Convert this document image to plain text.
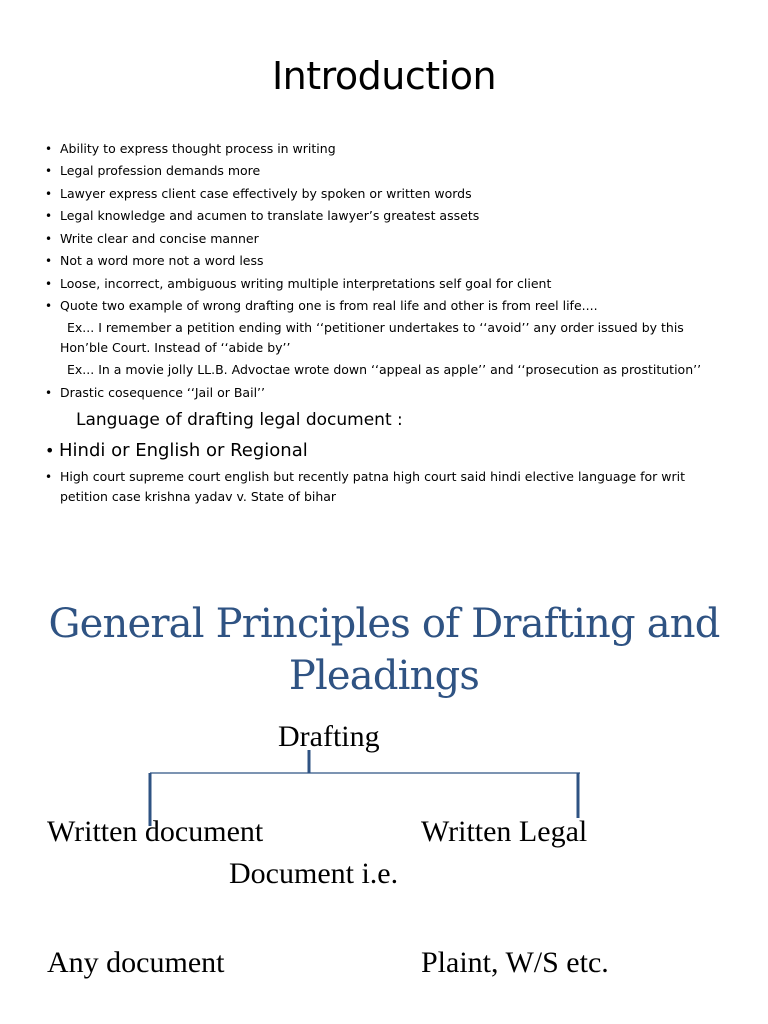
Introduction
• Ability to express thought process in writing
• Legal profession demands more
• Lawyer express client case effectively by spoken or written words
• Legal knowledge and acumen to translate lawyer’s greatest assets
• Write clear and concise manner
• Not a word more not a word less
• Loose, incorrect, ambiguous writing multiple interpretations self goal for client
• Quote two example of wrong drafting one is from real life and other is from reel life....
Ex... I remember a petition ending with ‘‘petitioner undertakes to ‘‘avoid’’ any order issued by this
Hon’ble Court. Instead of ‘‘abide by’’
Ex... In a movie jolly LL.B. Advoctae wrote down ‘‘appeal as apple’’ and ‘‘prosecution as prostitution’’
• Drastic cosequence ‘‘Jail or Bail’’
Language of drafting legal document :
• Hindi or English or Regional
• High court supreme court english but recently patna high court said hindi elective language for writ
petition case krishna yadav v. State of bihar
General Principles of Drafting and
Pleadings
Drafting
Written document	Written Legal
Document i.e.
Any document	Plaint, W/S etc.
